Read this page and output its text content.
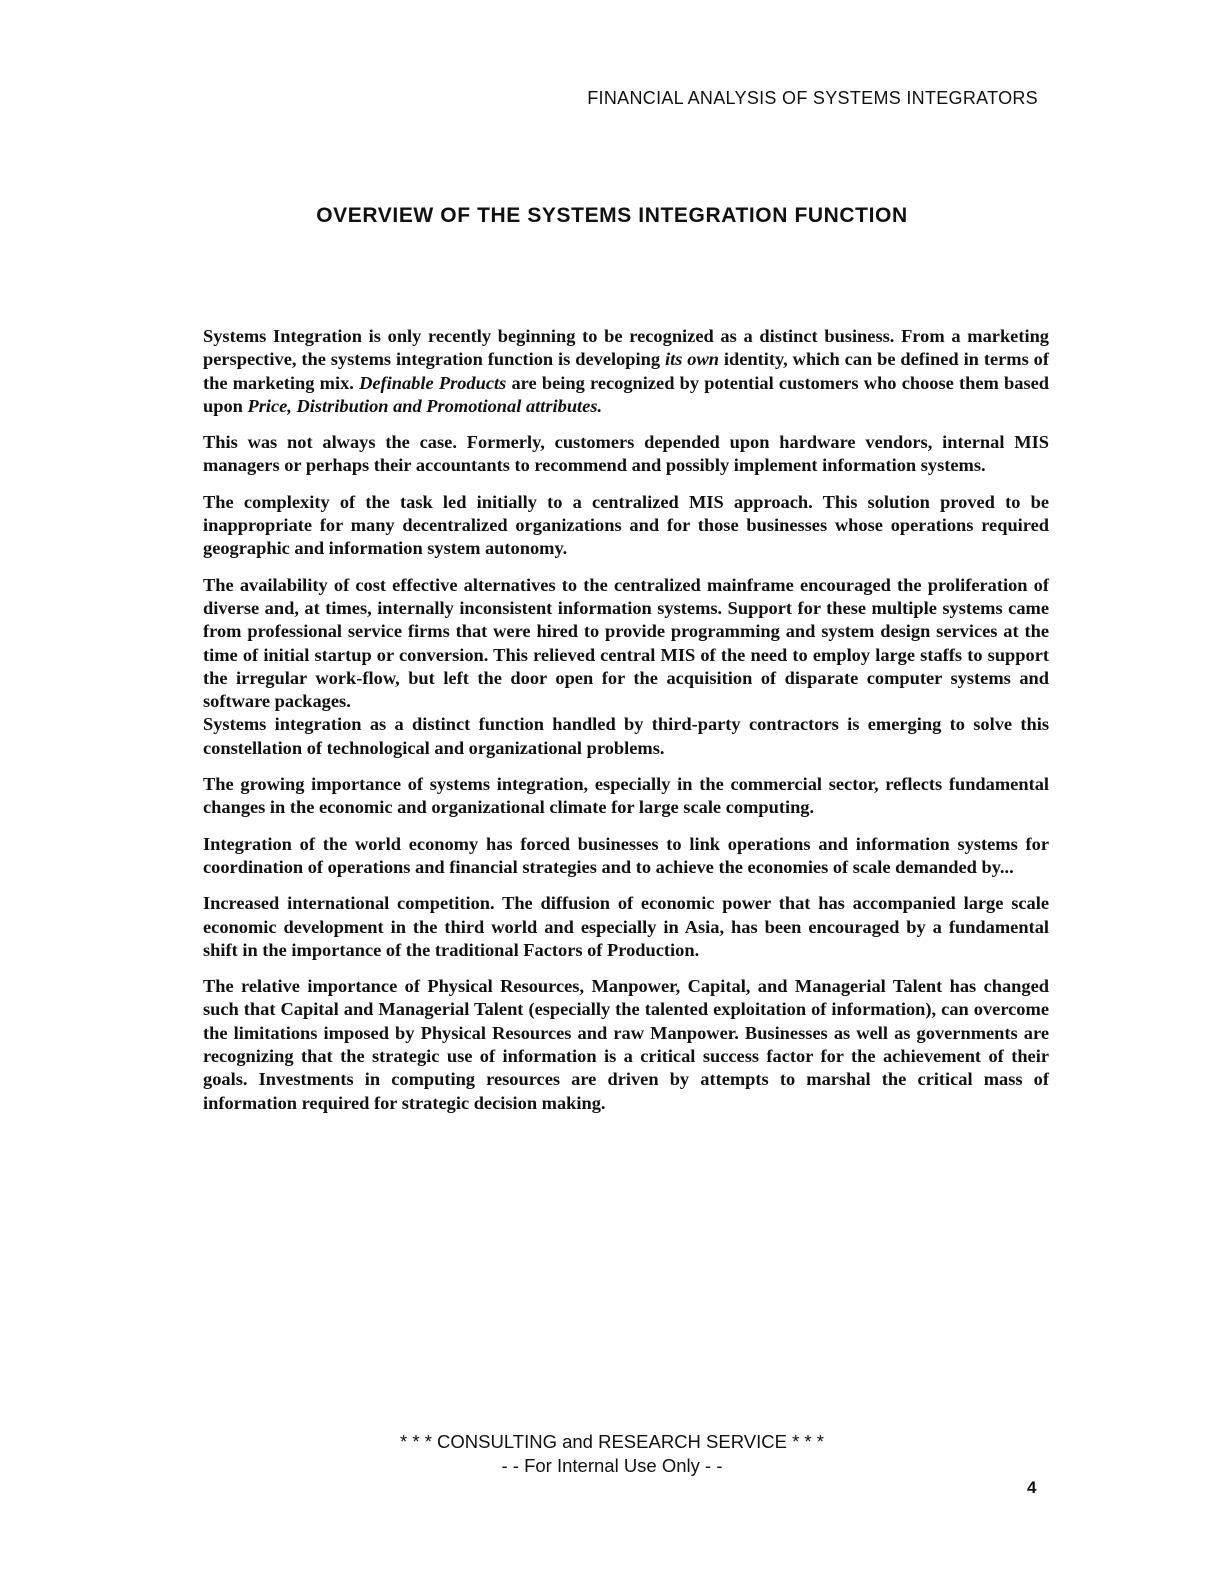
FINANCIAL ANALYSIS OF SYSTEMS INTEGRATORS
OVERVIEW OF THE SYSTEMS INTEGRATION FUNCTION

Systems Integration is only recently beginning to be recognized as a distinct business. From a marketing perspective, the systems integration function is developing its own identity, which can be defined in terms of the marketing mix. Definable Products are being recognized by potential customers who choose them based upon Price, Distribution and Promotional attributes.

This was not always the case. Formerly, customers depended upon hardware vendors, internal MIS managers or perhaps their accountants to recommend and possibly implement information systems.

The complexity of the task led initially to a centralized MIS approach. This solution proved to be inappropriate for many decentralized organizations and for those businesses whose operations required geographic and information system autonomy.

The availability of cost effective alternatives to the centralized mainframe encouraged the proliferation of diverse and, at times, internally inconsistent information systems. Support for these multiple systems came from professional service firms that were hired to provide programming and system design services at the time of initial startup or conversion. This relieved central MIS of the need to employ large staffs to support the irregular work-flow, but left the door open for the acquisition of disparate computer systems and software packages.

Systems integration as a distinct function handled by third-party contractors is emerging to solve this constellation of technological and organizational problems.

The growing importance of systems integration, especially in the commercial sector, reflects fundamental changes in the economic and organizational climate for large scale computing.

Integration of the world economy has forced businesses to link operations and information systems for coordination of operations and financial strategies and to achieve the economies of scale demanded by...

Increased international competition. The diffusion of economic power that has accompanied large scale economic development in the third world and especially in Asia, has been encouraged by a fundamental shift in the importance of the traditional Factors of Production.

The relative importance of Physical Resources, Manpower, Capital, and Managerial Talent has changed such that Capital and Managerial Talent (especially the talented exploitation of information), can overcome the limitations imposed by Physical Resources and raw Manpower. Businesses as well as governments are recognizing that the strategic use of information is a critical success factor for the achievement of their goals. Investments in computing resources are driven by attempts to marshal the critical mass of information required for strategic decision making.

* * * CONSULTING and RESEARCH SERVICE * * *
- - For Internal Use Only - -
4
